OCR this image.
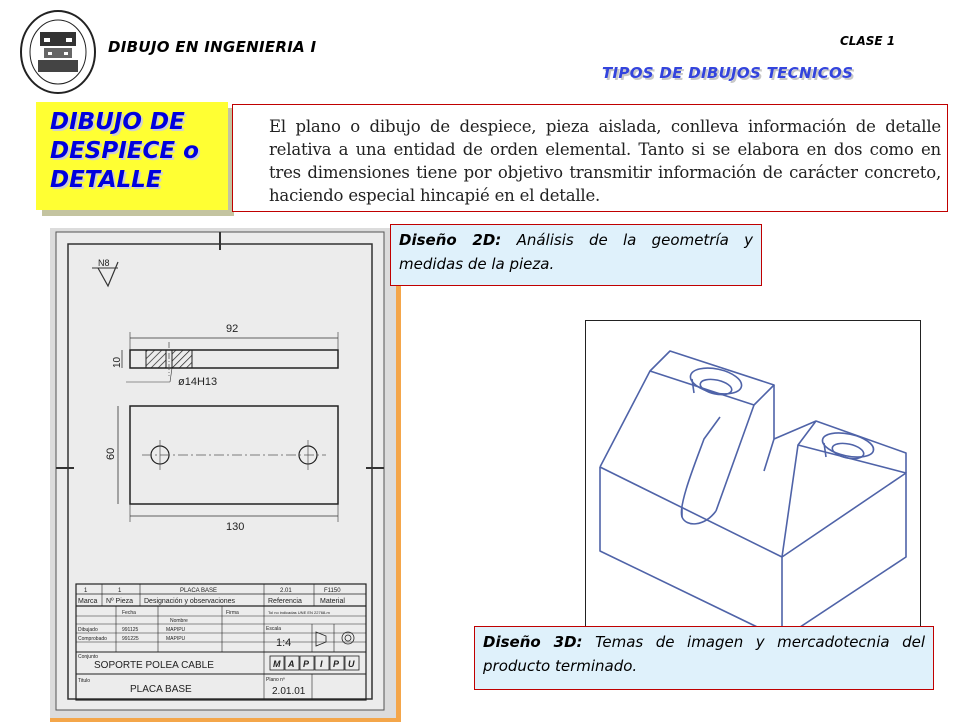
DIBUJO EN INGENIERIA I	CLASE 1
TIPOS DE DIBUJOS TECNICOS
DIBUJO DE
DESPIECE o
DETALLE
El plano o dibujo de despiece, pieza aislada, conlleva información de detalle relativa a una entidad de orden elemental. Tanto si se elabora en dos como en tres dimensiones tiene por objetivo transmitir información de carácter concreto, haciendo especial hincapié en el detalle.
N8
92
10
ø14H13
60
130
1	1	PLACA BASE	2.01	F1150
Marca Nº Pieza Designación y observaciones	Referencia	Material
Fecha
Nombre
Firma	Tol no indicadas UNE EN 22768-m
Dibujado	991125	MAPIPU	Escala
Comprobado	991225	MAPIPU	1:4
Conjunto
SOPORTE POLEA CABLE	M A P I P U
Titulo
PLACA BASE
Plano nº
2.01.01
Diseño 2D: Análisis de la geometría y medidas de la pieza.
Diseño 3D: Temas de imagen y mercadotecnia del producto terminado.
